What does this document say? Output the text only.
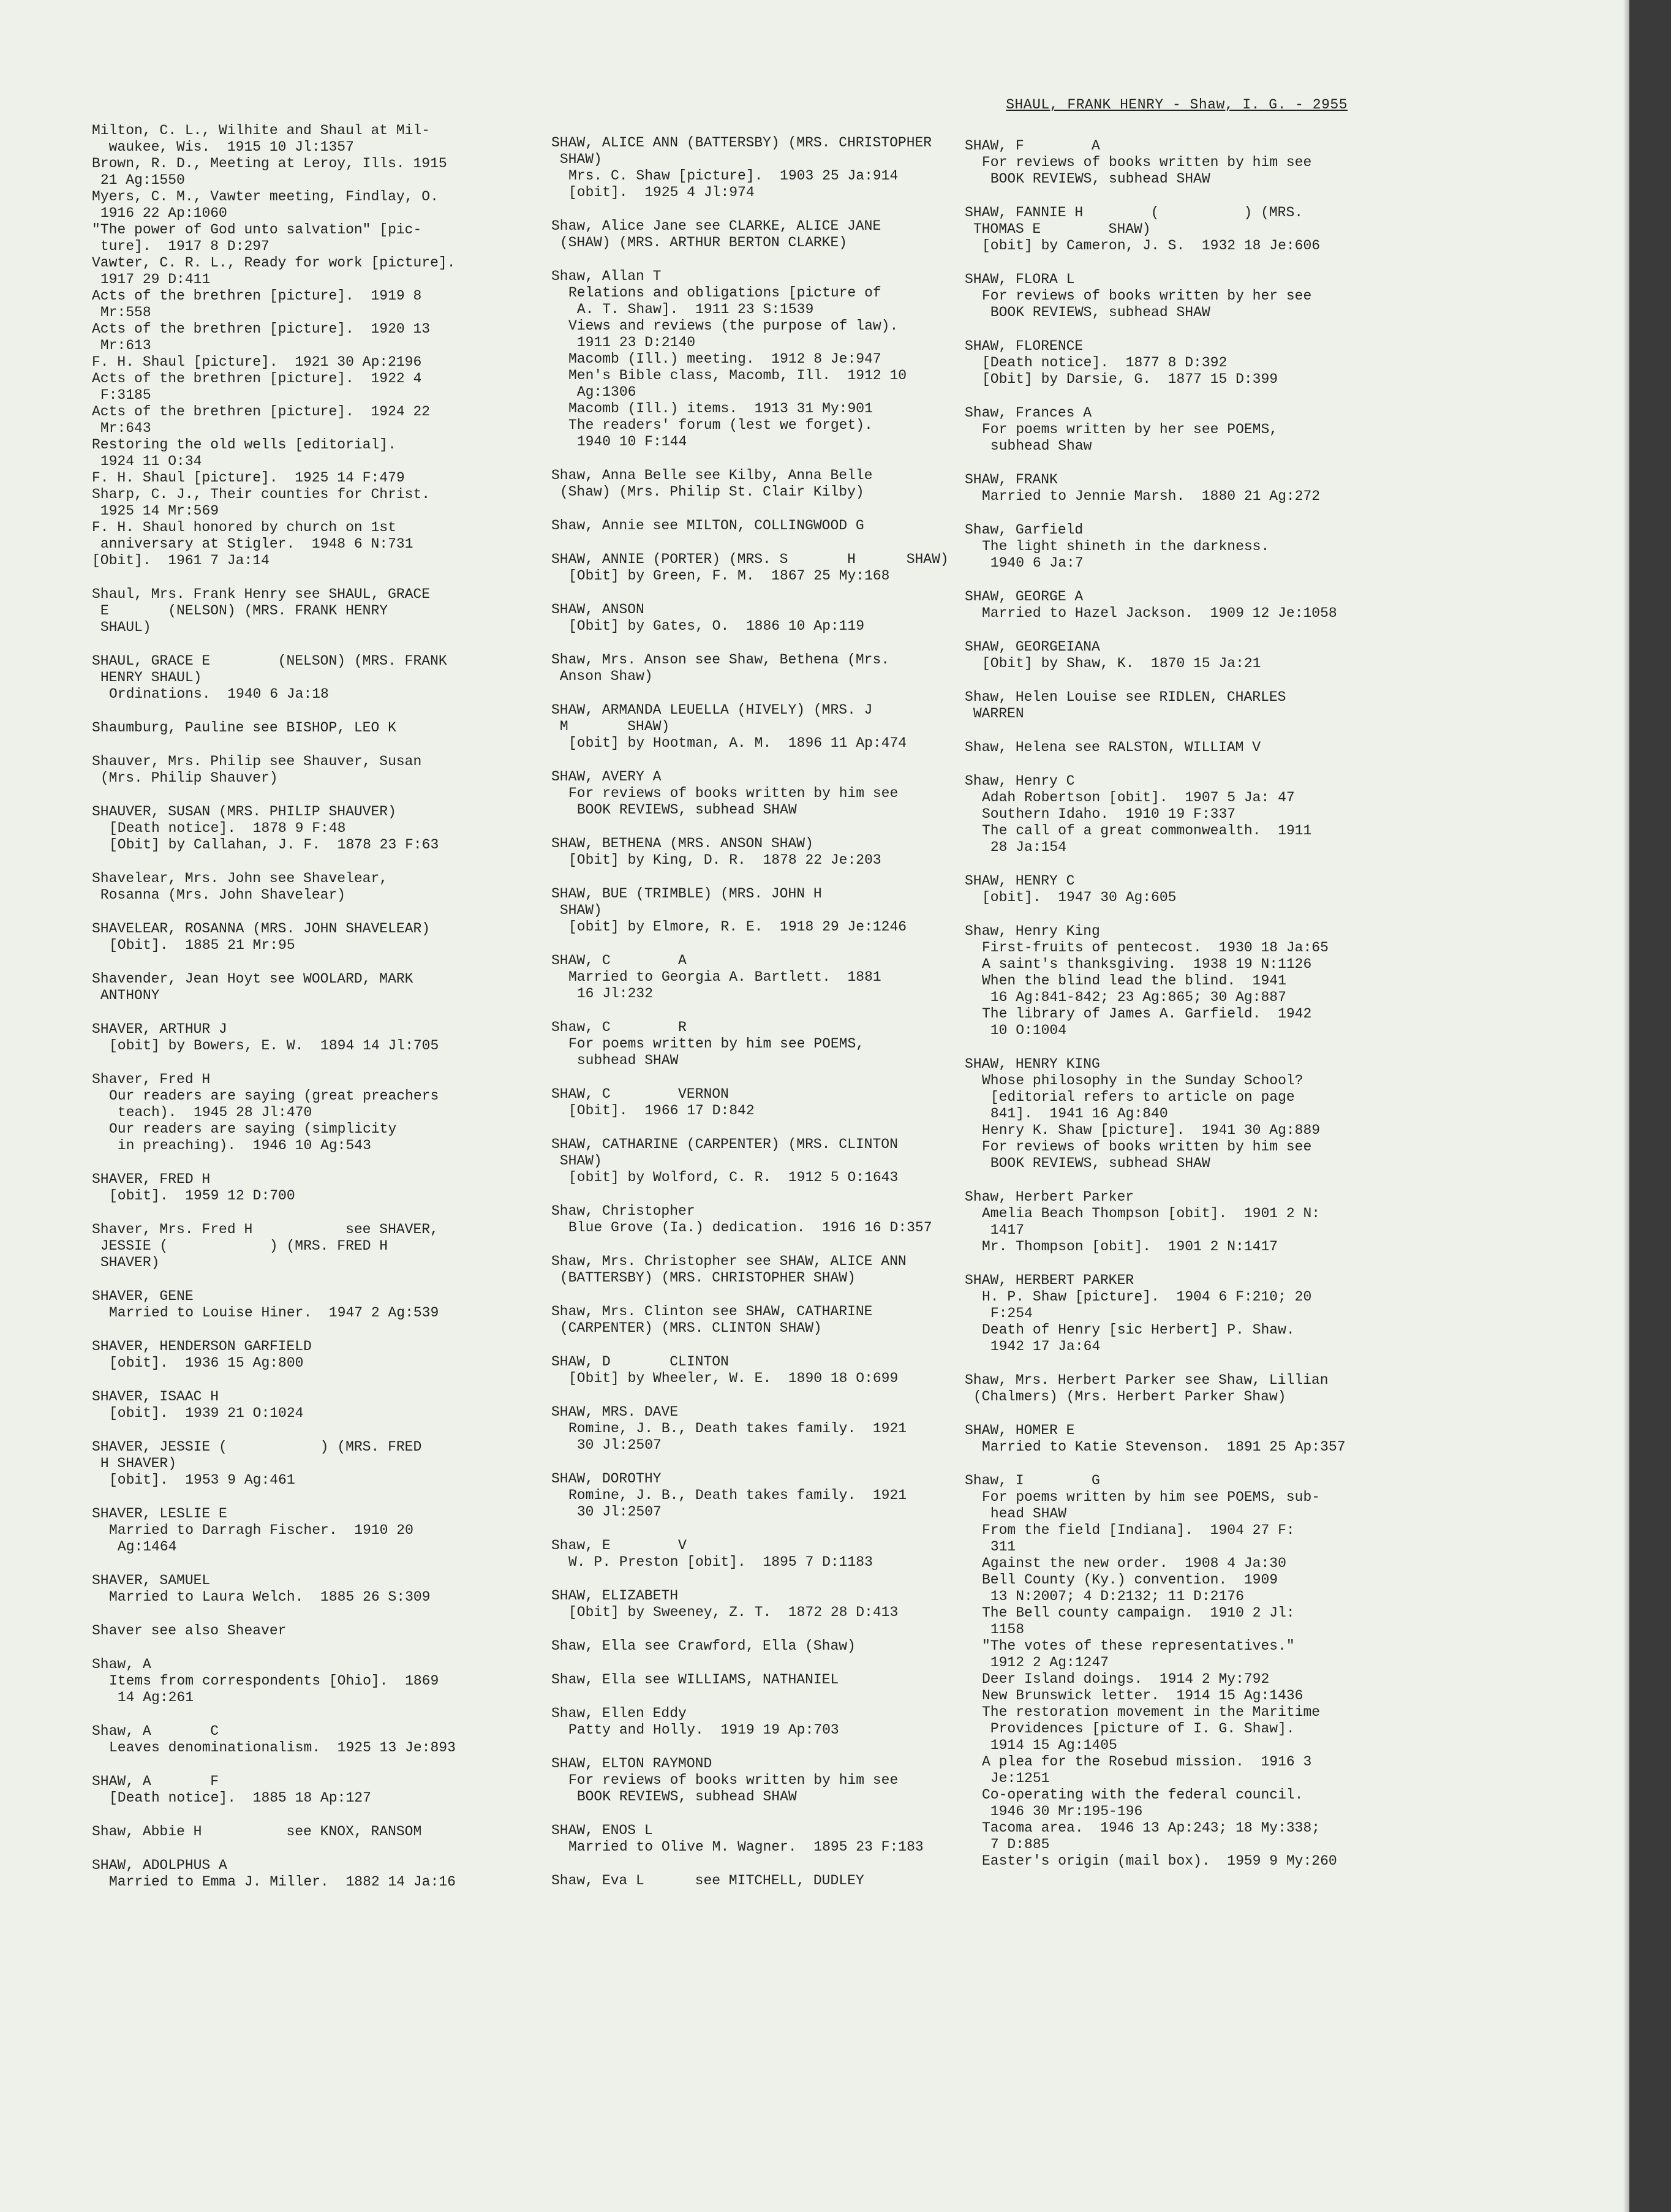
SHAUL, FRANK HENRY - Shaw, I. G. - 2955
Milton, C. L., Wilhite and Shaul at Mil-
waukee, Wis.  1915 10 Jl:1357
Brown, R. D., Meeting at Leroy, Ills. 1915
21 Ag:1550
Myers, C. M., Vawter meeting, Findlay, O.
1916 22 Ap:1060
"The power of God unto salvation" [pic-
ture].  1917 8 D:297
Vawter, C. R. L., Ready for work [picture].
1917 29 D:411
Acts of the brethren [picture].  1919 8
Mr:558
Acts of the brethren [picture].  1920 13
Mr:613
F. H. Shaul [picture].  1921 30 Ap:2196
Acts of the brethren [picture].  1922 4
F:3185
Acts of the brethren [picture].  1924 22
Mr:643
Restoring the old wells [editorial].
1924 11 O:34
F. H. Shaul [picture].  1925 14 F:479
Sharp, C. J., Their counties for Christ.
1925 14 Mr:569
F. H. Shaul honored by church on 1st
anniversary at Stigler.  1948 6 N:731
[Obit].  1961 7 Ja:14
Shaul, Mrs. Frank Henry see SHAUL, GRACE
E       (NELSON) (MRS. FRANK HENRY
SHAUL)
SHAUL, GRACE E        (NELSON) (MRS. FRANK
HENRY SHAUL)
Ordinations.  1940 6 Ja:18
Shaumburg, Pauline see BISHOP, LEO K
Shauver, Mrs. Philip see Shauver, Susan
(Mrs. Philip Shauver)
SHAUVER, SUSAN (MRS. PHILIP SHAUVER)
[Death notice].  1878 9 F:48
[Obit] by Callahan, J. F.  1878 23 F:63
Shavelear, Mrs. John see Shavelear,
Rosanna (Mrs. John Shavelear)
SHAVELEAR, ROSANNA (MRS. JOHN SHAVELEAR)
[Obit].  1885 21 Mr:95
Shavender, Jean Hoyt see WOOLARD, MARK
ANTHONY
SHAVER, ARTHUR J
[obit] by Bowers, E. W.  1894 14 Jl:705
Shaver, Fred H
Our readers are saying (great preachers
teach).  1945 28 Jl:470
Our readers are saying (simplicity
in preaching).  1946 10 Ag:543
SHAVER, FRED H
[obit].  1959 12 D:700
Shaver, Mrs. Fred H           see SHAVER,
JESSIE (            ) (MRS. FRED H
SHAVER)
SHAVER, GENE
Married to Louise Hiner.  1947 2 Ag:539
SHAVER, HENDERSON GARFIELD
[obit].  1936 15 Ag:800
SHAVER, ISAAC H
[obit].  1939 21 O:1024
SHAVER, JESSIE (           ) (MRS. FRED
H SHAVER)
[obit].  1953 9 Ag:461
SHAVER, LESLIE E
Married to Darragh Fischer.  1910 20
Ag:1464
SHAVER, SAMUEL
Married to Laura Welch.  1885 26 S:309
Shaver see also Sheaver
Shaw, A
Items from correspondents [Ohio].  1869
14 Ag:261
Shaw, A       C
Leaves denominationalism.  1925 13 Je:893
SHAW, A       F
[Death notice].  1885 18 Ap:127
Shaw, Abbie H          see KNOX, RANSOM
SHAW, ADOLPHUS A
Married to Emma J. Miller.  1882 14 Ja:16
SHAW, ALICE ANN (BATTERSBY) (MRS. CHRISTOPHER
SHAW)
Mrs. C. Shaw [picture].  1903 25 Ja:914
[obit].  1925 4 Jl:974
Shaw, Alice Jane see CLARKE, ALICE JANE
(SHAW) (MRS. ARTHUR BERTON CLARKE)
Shaw, Allan T
Relations and obligations [picture of
A. T. Shaw].  1911 23 S:1539
Views and reviews (the purpose of law).
1911 23 D:2140
Macomb (Ill.) meeting.  1912 8 Je:947
Men's Bible class, Macomb, Ill.  1912 10
Ag:1306
Macomb (Ill.) items.  1913 31 My:901
The readers' forum (lest we forget).
1940 10 F:144
Shaw, Anna Belle see Kilby, Anna Belle
(Shaw) (Mrs. Philip St. Clair Kilby)
Shaw, Annie see MILTON, COLLINGWOOD G
SHAW, ANNIE (PORTER) (MRS. S       H      SHAW)
[Obit] by Green, F. M.  1867 25 My:168
SHAW, ANSON
[Obit] by Gates, O.  1886 10 Ap:119
Shaw, Mrs. Anson see Shaw, Bethena (Mrs.
Anson Shaw)
SHAW, ARMANDA LEUELLA (HIVELY) (MRS. J
M       SHAW)
[obit] by Hootman, A. M.  1896 11 Ap:474
SHAW, AVERY A
For reviews of books written by him see
BOOK REVIEWS, subhead SHAW
SHAW, BETHENA (MRS. ANSON SHAW)
[Obit] by King, D. R.  1878 22 Je:203
SHAW, BUE (TRIMBLE) (MRS. JOHN H
SHAW)
[obit] by Elmore, R. E.  1918 29 Je:1246
SHAW, C        A
Married to Georgia A. Bartlett.  1881
16 Jl:232
Shaw, C        R
For poems written by him see POEMS,
subhead SHAW
SHAW, C        VERNON
[Obit].  1966 17 D:842
SHAW, CATHARINE (CARPENTER) (MRS. CLINTON
SHAW)
[obit] by Wolford, C. R.  1912 5 O:1643
Shaw, Christopher
Blue Grove (Ia.) dedication.  1916 16 D:357
Shaw, Mrs. Christopher see SHAW, ALICE ANN
(BATTERSBY) (MRS. CHRISTOPHER SHAW)
Shaw, Mrs. Clinton see SHAW, CATHARINE
(CARPENTER) (MRS. CLINTON SHAW)
SHAW, D       CLINTON
[Obit] by Wheeler, W. E.  1890 18 O:699
SHAW, MRS. DAVE
Romine, J. B., Death takes family.  1921
30 Jl:2507
SHAW, DOROTHY
Romine, J. B., Death takes family.  1921
30 Jl:2507
Shaw, E        V
W. P. Preston [obit].  1895 7 D:1183
SHAW, ELIZABETH
[Obit] by Sweeney, Z. T.  1872 28 D:413
Shaw, Ella see Crawford, Ella (Shaw)
Shaw, Ella see WILLIAMS, NATHANIEL
Shaw, Ellen Eddy
Patty and Holly.  1919 19 Ap:703
SHAW, ELTON RAYMOND
For reviews of books written by him see
BOOK REVIEWS, subhead SHAW
SHAW, ENOS L
Married to Olive M. Wagner.  1895 23 F:183
Shaw, Eva L      see MITCHELL, DUDLEY
SHAW, F        A
For reviews of books written by him see
BOOK REVIEWS, subhead SHAW
SHAW, FANNIE H        (          ) (MRS.
THOMAS E        SHAW)
[obit] by Cameron, J. S.  1932 18 Je:606
SHAW, FLORA L
For reviews of books written by her see
BOOK REVIEWS, subhead SHAW
SHAW, FLORENCE
[Death notice].  1877 8 D:392
[Obit] by Darsie, G.  1877 15 D:399
Shaw, Frances A
For poems written by her see POEMS,
subhead Shaw
SHAW, FRANK
Married to Jennie Marsh.  1880 21 Ag:272
Shaw, Garfield
The light shineth in the darkness.
1940 6 Ja:7
SHAW, GEORGE A
Married to Hazel Jackson.  1909 12 Je:1058
SHAW, GEORGEIANA
[Obit] by Shaw, K.  1870 15 Ja:21
Shaw, Helen Louise see RIDLEN, CHARLES
WARREN
Shaw, Helena see RALSTON, WILLIAM V
Shaw, Henry C
Adah Robertson [obit].  1907 5 Ja: 47
Southern Idaho.  1910 19 F:337
The call of a great commonwealth.  1911
28 Ja:154
SHAW, HENRY C
[obit].  1947 30 Ag:605
Shaw, Henry King
First-fruits of pentecost.  1930 18 Ja:65
A saint's thanksgiving.  1938 19 N:1126
When the blind lead the blind.  1941
16 Ag:841-842; 23 Ag:865; 30 Ag:887
The library of James A. Garfield.  1942
10 O:1004
SHAW, HENRY KING
Whose philosophy in the Sunday School?
[editorial refers to article on page
841].  1941 16 Ag:840
Henry K. Shaw [picture].  1941 30 Ag:889
For reviews of books written by him see
BOOK REVIEWS, subhead SHAW
Shaw, Herbert Parker
Amelia Beach Thompson [obit].  1901 2 N:
1417
Mr. Thompson [obit].  1901 2 N:1417
SHAW, HERBERT PARKER
H. P. Shaw [picture].  1904 6 F:210; 20
F:254
Death of Henry [sic Herbert] P. Shaw.
1942 17 Ja:64
Shaw, Mrs. Herbert Parker see Shaw, Lillian
(Chalmers) (Mrs. Herbert Parker Shaw)
SHAW, HOMER E
Married to Katie Stevenson.  1891 25 Ap:357
Shaw, I        G
For poems written by him see POEMS, sub-
head SHAW
From the field [Indiana].  1904 27 F:
311
Against the new order.  1908 4 Ja:30
Bell County (Ky.) convention.  1909
13 N:2007; 4 D:2132; 11 D:2176
The Bell county campaign.  1910 2 Jl:
1158
"The votes of these representatives."
1912 2 Ag:1247
Deer Island doings.  1914 2 My:792
New Brunswick letter.  1914 15 Ag:1436
The restoration movement in the Maritime
Providences [picture of I. G. Shaw].
1914 15 Ag:1405
A plea for the Rosebud mission.  1916 3
Je:1251
Co-operating with the federal council.
1946 30 Mr:195-196
Tacoma area.  1946 13 Ap:243; 18 My:338;
7 D:885
Easter's origin (mail box).  1959 9 My:260
